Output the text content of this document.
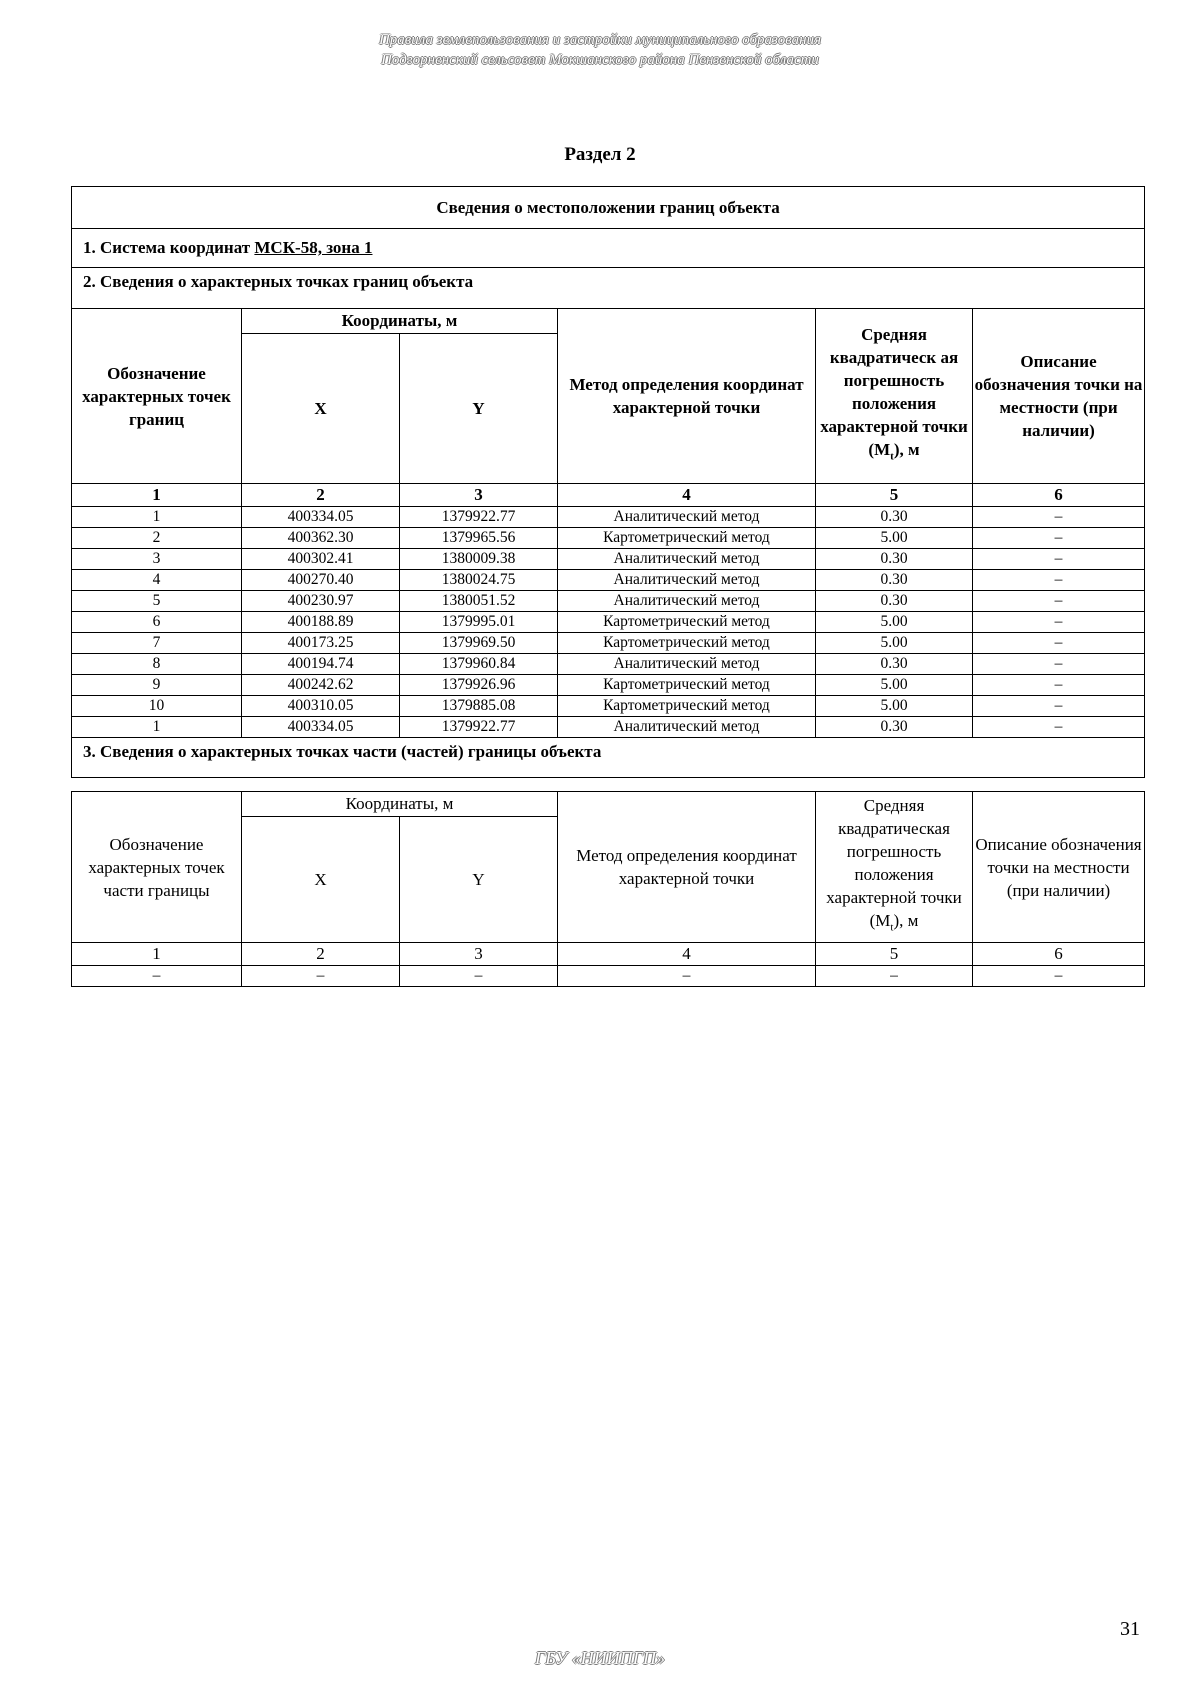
Правила землепользования и застройки муниципального образования
Подгорненский сельсовет Мокшанского района Пензенской области
Раздел 2
Сведения о местоположении границ объекта					
1. Система координат МСК-58, зона 1					
2. Сведения о характерных точках границ объекта					
Обозначение характерных точек границ	Координаты, м		Метод определения координат характерной точки	Средняя квадратическ ая погрешность положения характерной точки $(M_t)$, м	Описание обозначения точки на местности (при наличии)
	X	Y			
1	2	3	4	5	6
1	400334.05	1379922.77	Аналитический метод	0.30	–
2	400362.30	1379965.56	Картометрический метод	5.00	–
3	400302.41	1380009.38	Аналитический метод	0.30	–
4	400270.40	1380024.75	Аналитический метод	0.30	–
5	400230.97	1380051.52	Аналитический метод	0.30	–
6	400188.89	1379995.01	Картометрический метод	5.00	–
7	400173.25	1379969.50	Картометрический метод	5.00	–
8	400194.74	1379960.84	Аналитический метод	0.30	–
9	400242.62	1379926.96	Картометрический метод	5.00	–
10	400310.05	1379885.08	Картометрический метод	5.00	–
1	400334.05	1379922.77	Аналитический метод	0.30	–
3. Сведения о характерных точках части (частей) границы объекта					
Обозначение характерных точек части границы	Координаты, м		Метод определения координат характерной точки	Средняя квадратическая погрешность положения характерной точки $(M_t)$, м	Описание обозначения точки на местности (при наличии)
	X	Y			
1	2	3	4	5	6
–	–	–	–	–	–
31
ГБУ «НИИПГП»
